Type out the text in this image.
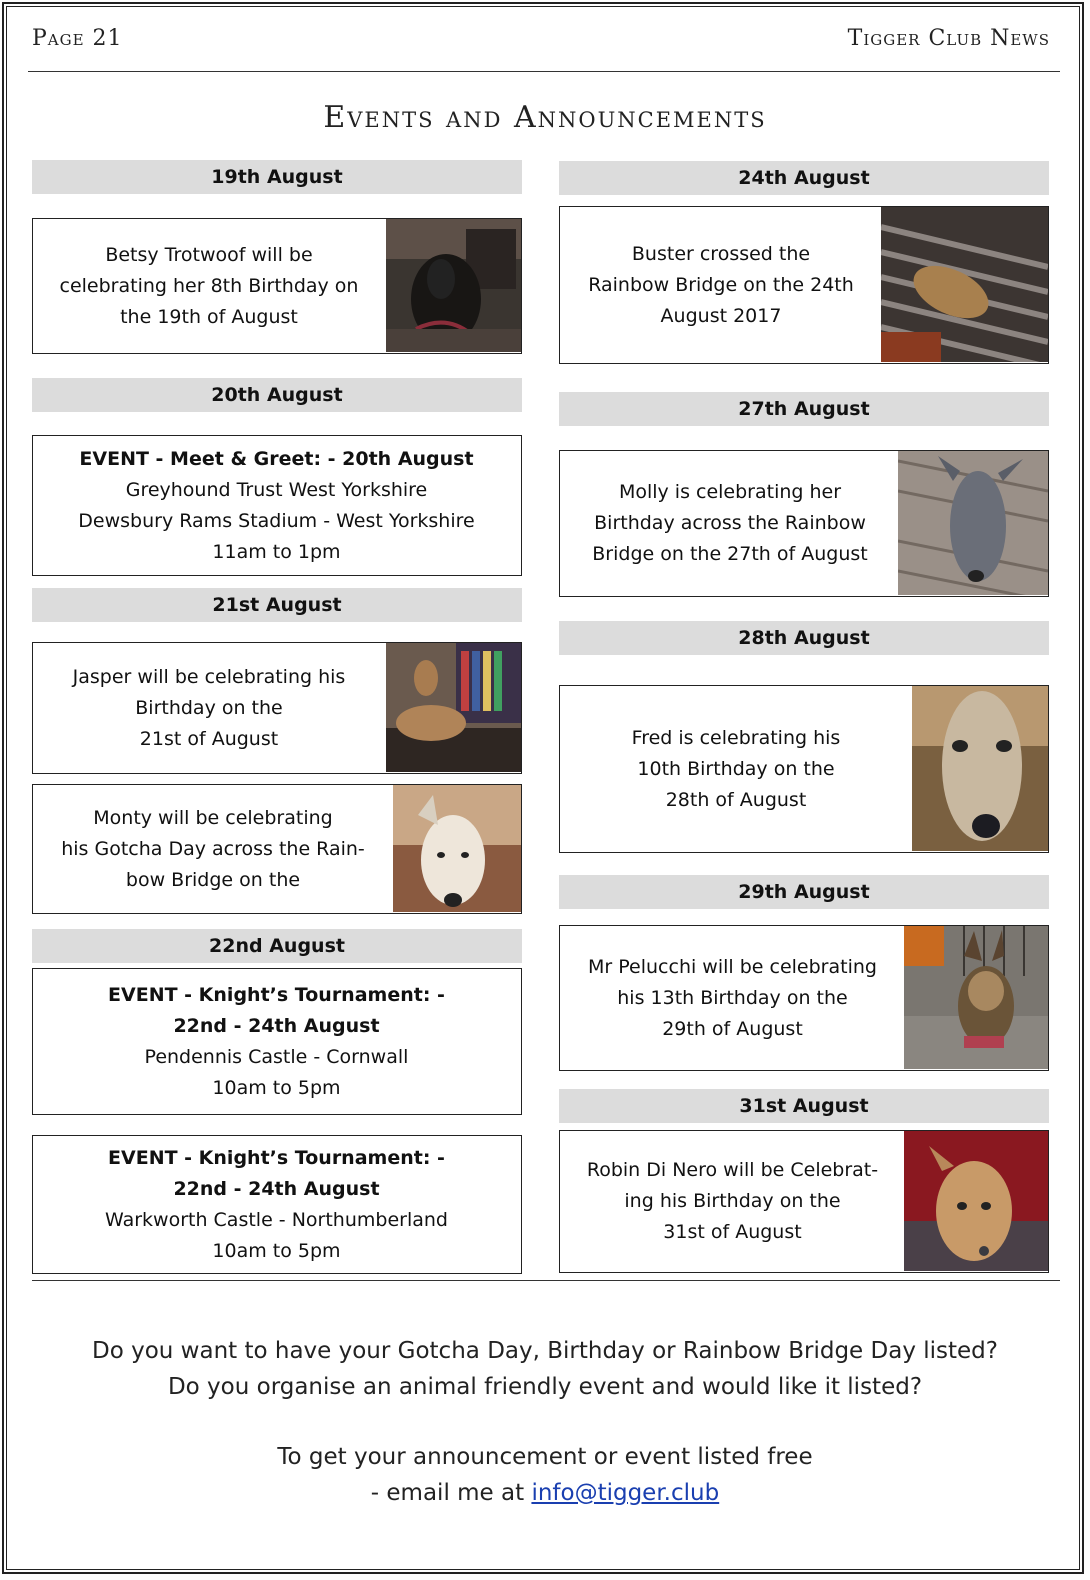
Page 21	Tigger Club News
Events and Announcements
19th August
Betsy Trotwoof will be
celebrating her 8th Birthday on
the 19th of August
20th August
EVENT - Meet & Greet: - 20th August
Greyhound Trust West Yorkshire
Dewsbury Rams Stadium - West Yorkshire
11am to 1pm
21st August
Jasper will be celebrating his
Birthday on the
21st of August
Monty will be celebrating
his Gotcha Day across the Rain-
bow Bridge on the
22nd August
EVENT - Knight’s Tournament: -
22nd - 24th August
Pendennis Castle - Cornwall
10am to 5pm
EVENT - Knight’s Tournament: -
22nd - 24th August
Warkworth Castle - Northumberland
10am to 5pm
24th August
Buster crossed the
Rainbow Bridge on the 24th
August 2017
27th August
Molly is celebrating her
Birthday across the Rainbow
Bridge on the 27th of August
28th August
Fred is celebrating his
10th Birthday on the
28th of August
29th August
Mr Pelucchi will be celebrating
his 13th Birthday on the
29th of August
31st August
Robin Di Nero will be Celebrat-
ing his Birthday on the
31st of August
Do you want to have your Gotcha Day, Birthday or Rainbow Bridge Day listed?
Do you organise an animal friendly event and would like it listed?
To get your announcement or event listed free
- email me at info@tigger.club
